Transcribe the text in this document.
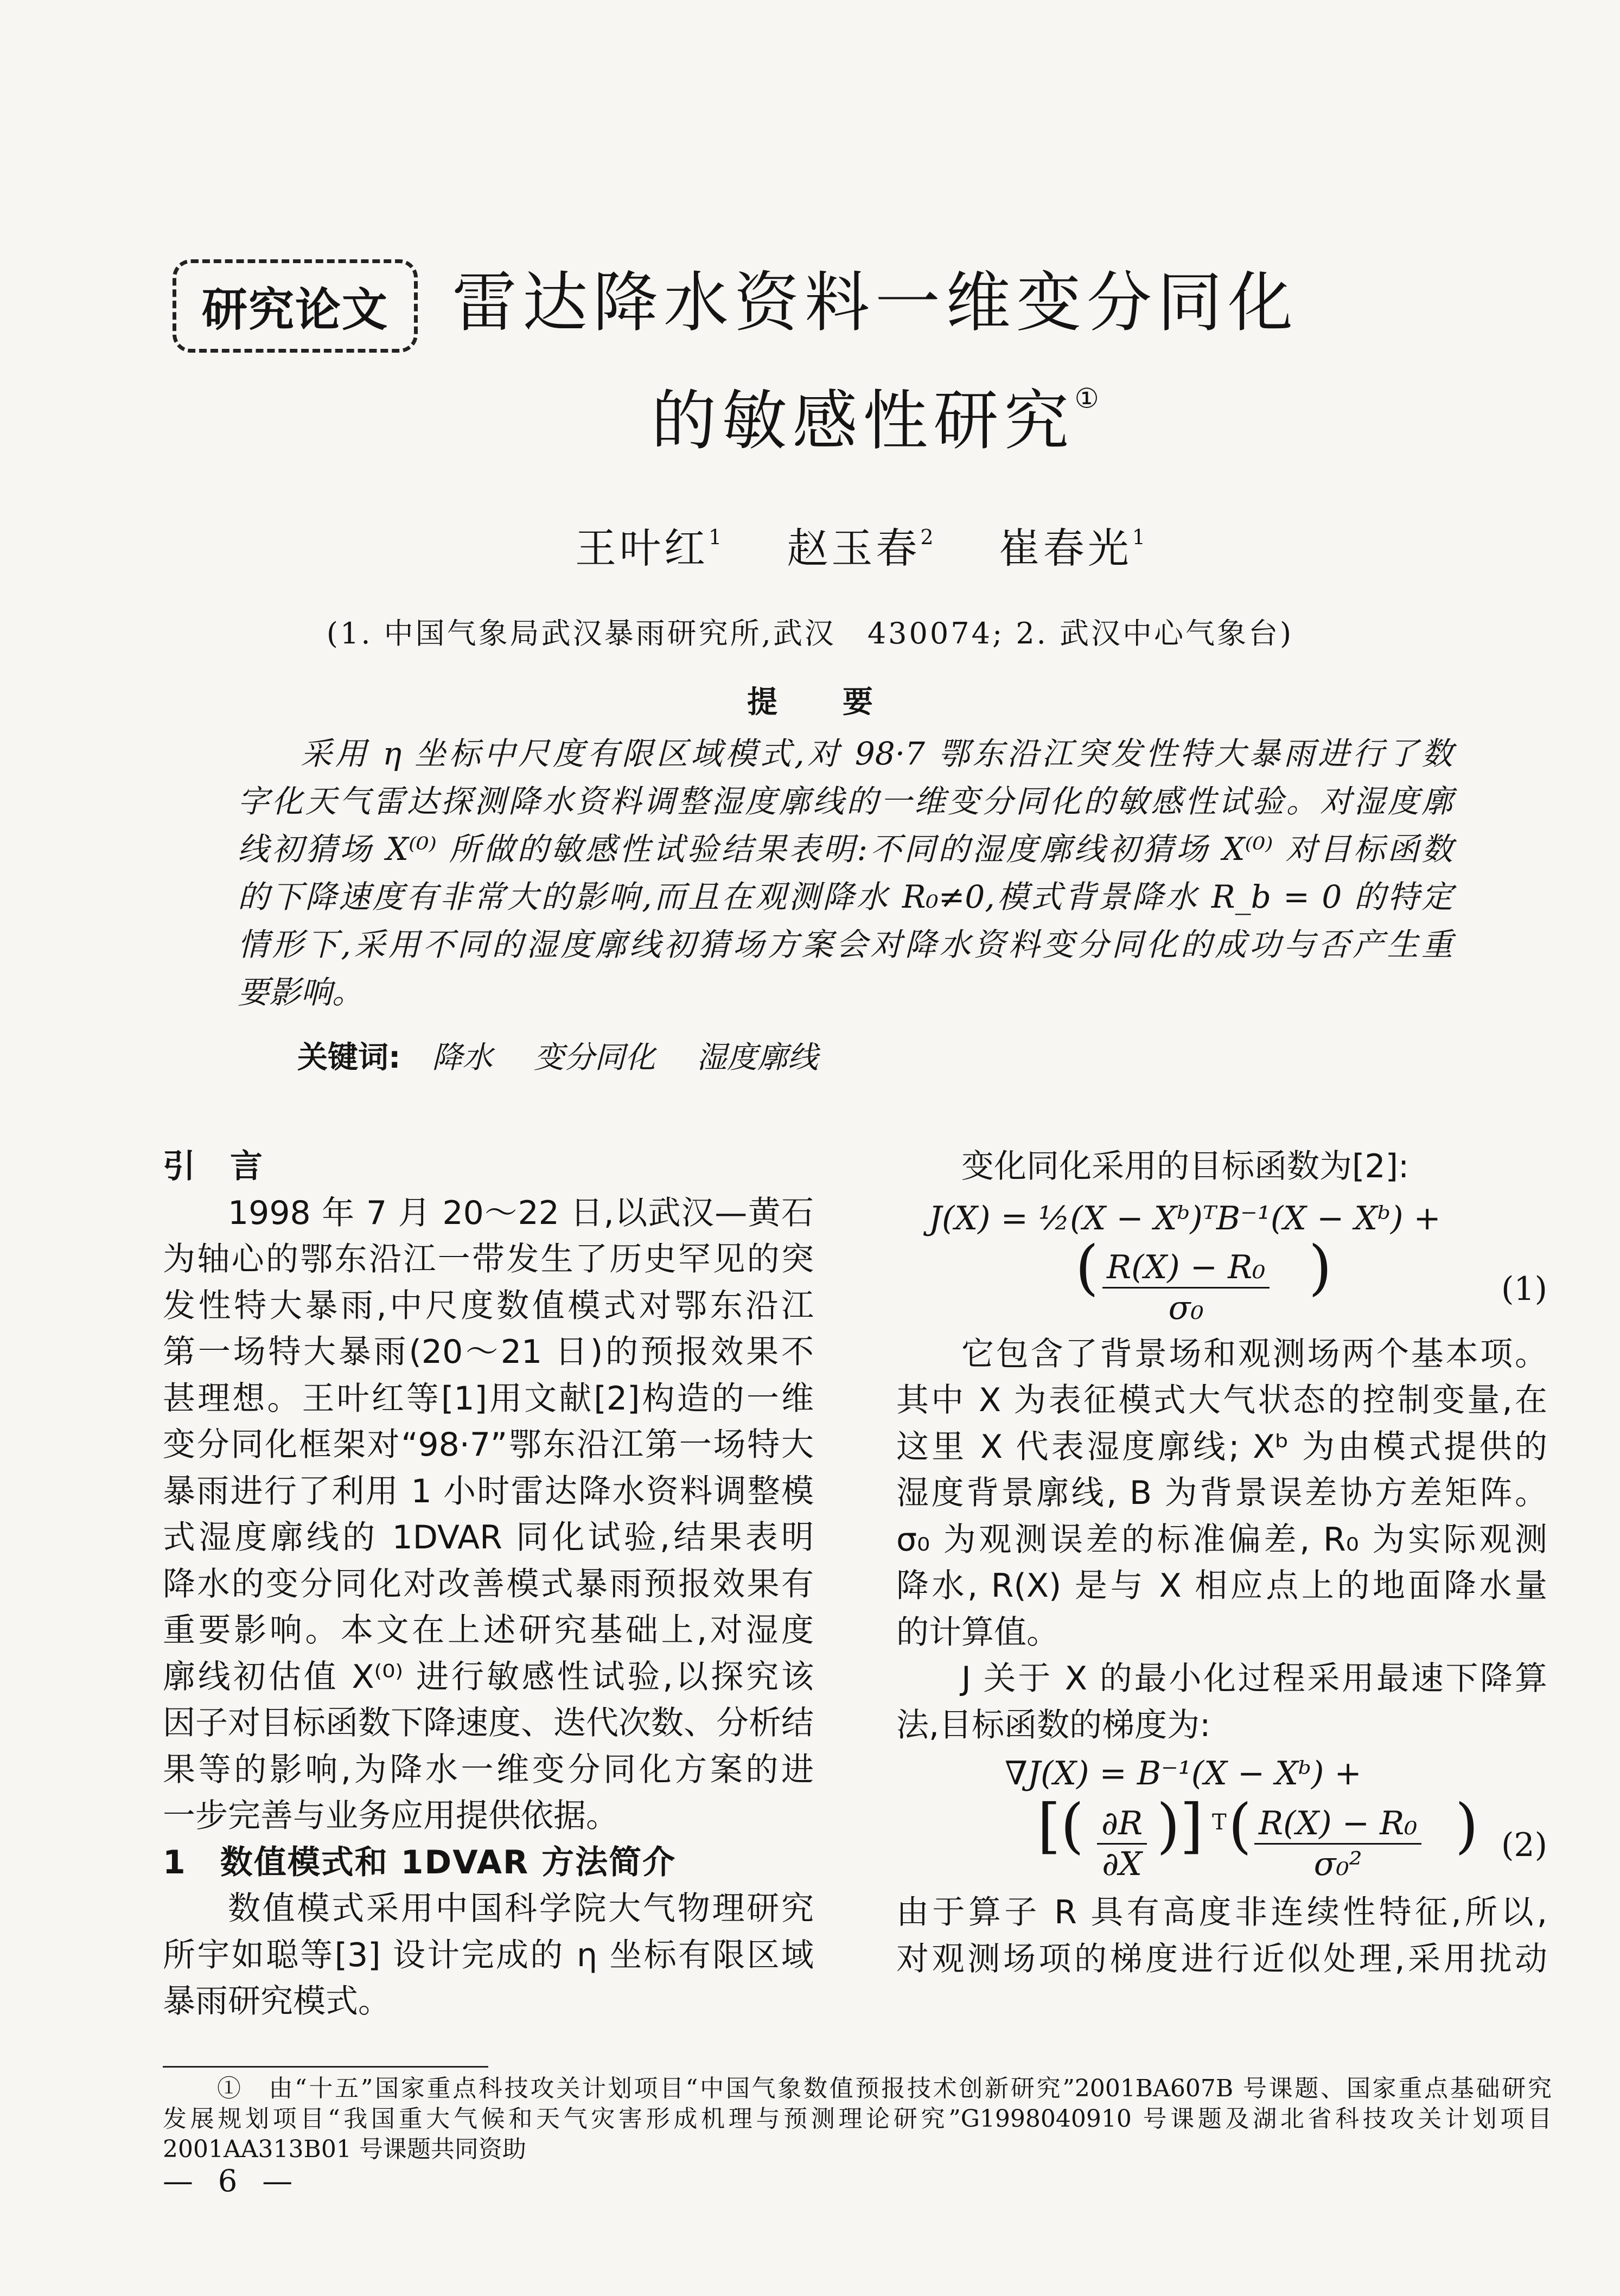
研究论文 雷达降水资料一维变分同化
的敏感性研究①
王叶红$^1$ 赵玉春$^2$ 崔春光$^1$
(1. 中国气象局武汉暴雨研究所,武汉　430074; 2. 武汉中心气象台)
提要
采用 η 坐标中尺度有限区域模式,对 98·7 鄂东沿江突发性特大暴雨进行了数
字化天气雷达探测降水资料调整湿度廓线的一维变分同化的敏感性试验。对湿度廓
线初猜场 X⁽⁰⁾ 所做的敏感性试验结果表明:不同的湿度廓线初猜场 X⁽⁰⁾ 对目标函数
的下降速度有非常大的影响,而且在观测降水 R₀≠0,模式背景降水 R_b = 0 的特定
情形下,采用不同的湿度廓线初猜场方案会对降水资料变分同化的成功与否产生重
要影响。
关键词: 降水 变分同化 湿度廓线
引　言
1998 年 7 月 20～22 日,以武汉—黄石
为轴心的鄂东沿江一带发生了历史罕见的突
发性特大暴雨,中尺度数值模式对鄂东沿江
第一场特大暴雨(20～21 日)的预报效果不
甚理想。王叶红等[1]用文献[2]构造的一维
变分同化框架对“98·7”鄂东沿江第一场特大
暴雨进行了利用 1 小时雷达降水资料调整模
式湿度廓线的 1DVAR 同化试验,结果表明
降水的变分同化对改善模式暴雨预报效果有
重要影响。本文在上述研究基础上,对湿度
廓线初估值 X⁽⁰⁾ 进行敏感性试验,以探究该
因子对目标函数下降速度、迭代次数、分析结
果等的影响,为降水一维变分同化方案的进
一步完善与业务应用提供依据。
1　数值模式和 1DVAR 方法简介
数值模式采用中国科学院大气物理研究
所宇如聪等[3] 设计完成的 η 坐标有限区域
暴雨研究模式。
变化同化采用的目标函数为[2]:
J(X) = ½(X − Xᵇ)ᵀB⁻¹(X − Xᵇ) +
( $\frac{\text{R(X) − R₀}}{\text{σ₀}}$ )	(1)
它包含了背景场和观测场两个基本项。
其中 X 为表征模式大气状态的控制变量,在
这里 X 代表湿度廓线; Xᵇ 为由模式提供的
湿度背景廓线, B 为背景误差协方差矩阵。
σ₀ 为观测误差的标准偏差, R₀ 为实际观测
降水, R(X) 是与 X 相应点上的地面降水量
的计算值。
J 关于 X 的最小化过程采用最速下降算
法,目标函数的梯度为:
∇J(X) = B⁻¹(X − Xᵇ) +
[( $\frac{\partial R}{\partial X}$ )] T ( $\frac{\text{R(X) − R₀}}{\text{σ₀²}}$ ) (2)
由于算子 R 具有高度非连续性特征,所以,
对观测场项的梯度进行近似处理,采用扰动
①　由“十五”国家重点科技攻关计划项目“中国气象数值预报技术创新研究”2001BA607B 号课题、国家重点基础研究
发展规划项目“我国重大气候和天气灾害形成机理与预测理论研究”G1998040910 号课题及湖北省科技攻关计划项目
2001AA313B01 号课题共同资助
— 6 —
